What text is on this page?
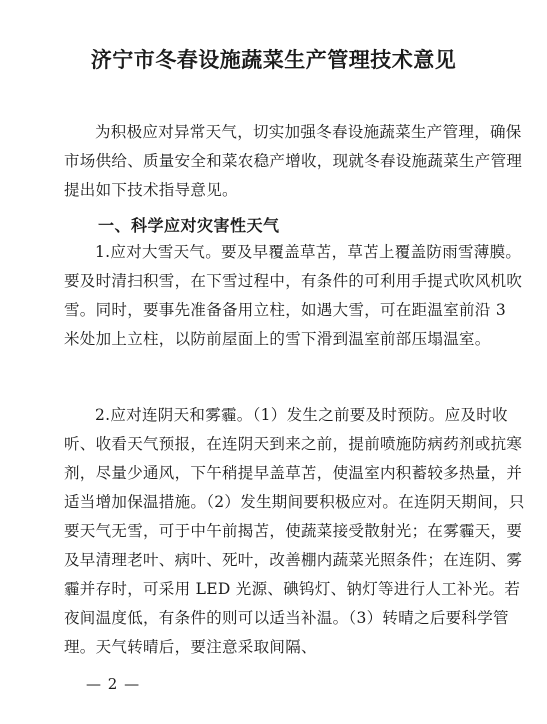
济宁市冬春设施蔬菜生产管理技术意见
为积极应对异常天气，切实加强冬春设施蔬菜生产管理，确保市场供给、质量安全和菜农稳产增收，现就冬春设施蔬菜生产管理提出如下技术指导意见。
一、科学应对灾害性天气
1.应对大雪天气。要及早覆盖草苫，草苫上覆盖防雨雪薄膜。要及时清扫积雪，在下雪过程中，有条件的可利用手提式吹风机吹雪。同时，要事先准备备用立柱，如遇大雪，可在距温室前沿 3 米处加上立柱，以防前屋面上的雪下滑到温室前部压塌温室。
2.应对连阴天和雾霾。（1）发生之前要及时预防。应及时收听、收看天气预报，在连阴天到来之前，提前喷施防病药剂或抗寒剂，尽量少通风，下午稍提早盖草苫，使温室内积蓄较多热量，并适当增加保温措施。（2）发生期间要积极应对。在连阴天期间，只要天气无雪，可于中午前揭苫，使蔬菜接受散射光；在雾霾天，要及早清理老叶、病叶、死叶，改善棚内蔬菜光照条件；在连阴、雾霾并存时，可采用 LED 光源、碘钨灯、钠灯等进行人工补光。若夜间温度低，有条件的则可以适当补温。（3）转晴之后要科学管理。天气转晴后，要注意采取间隔、
— 2 —
